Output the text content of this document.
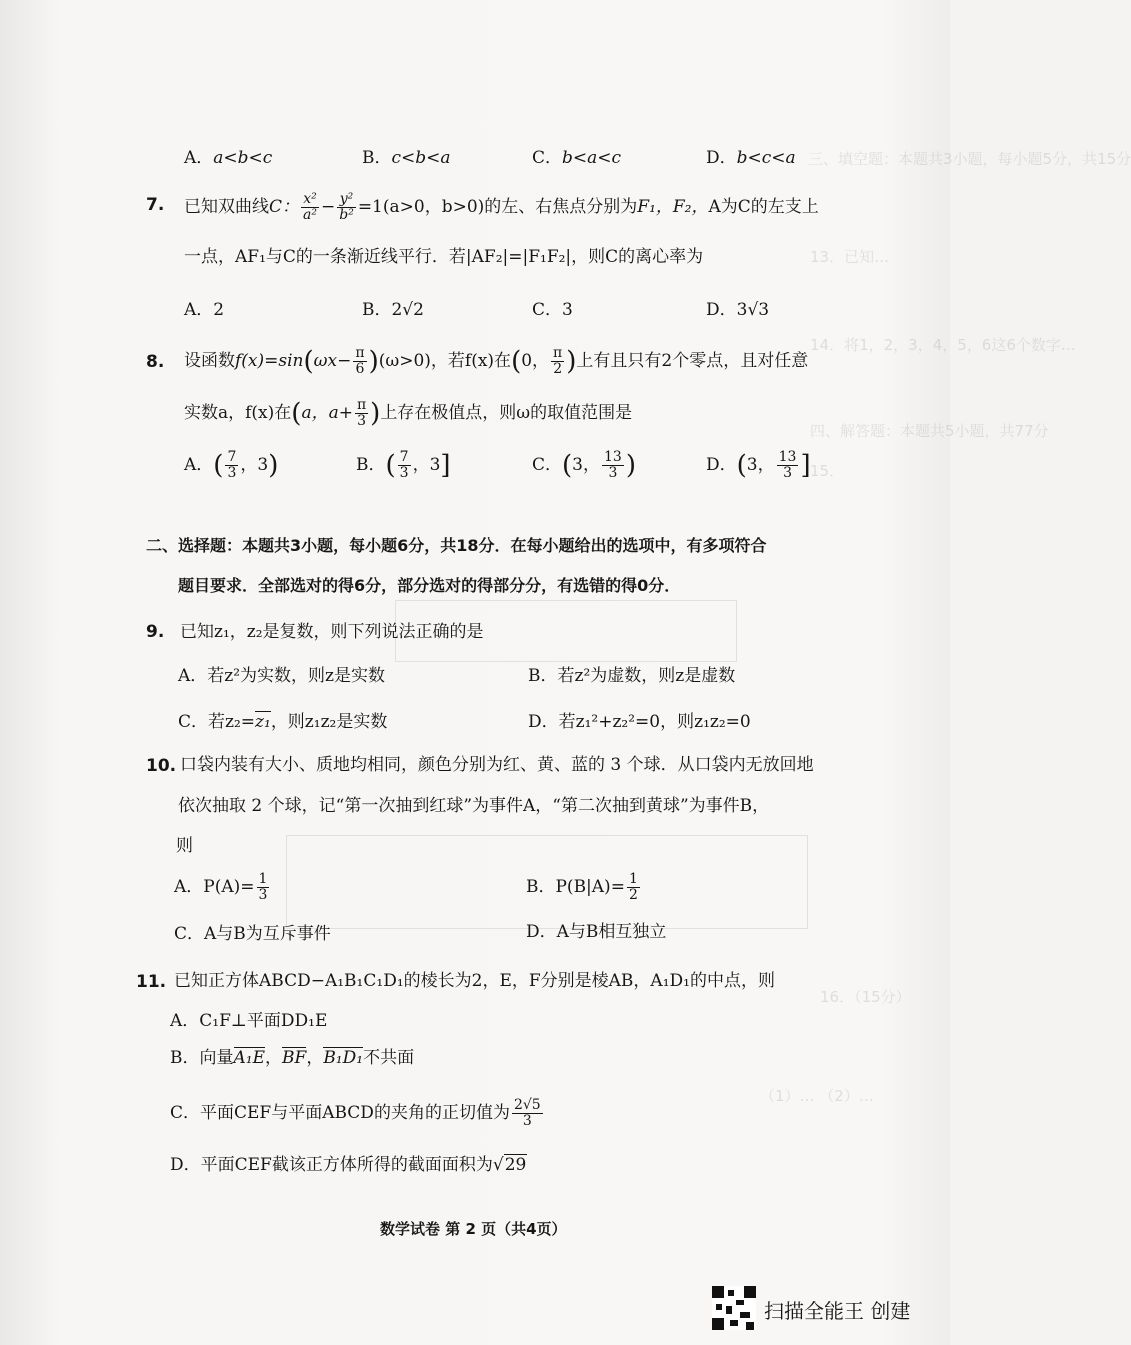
三、填空题：本题共3小题，每小题5分，共15分
13．已知…
14．将1，2，3，4，5，6这6个数字…
四、解答题：本题共5小题，共77分
15．
16．（15分）
（1）… （2）…
A．a<b<c	B．c<b<a	C．b<a<c	D．b<c<a
7. 已知双曲线C： $\frac{\text{x²}}{\text{a²}} - \frac{\text{y²}}{\text{b²}} =1(a>0$，b>0)的左、右焦点分别为F₁，F₂，A为C的左支上
一点，AF₁与C的一条渐近线平行．若|AF₂|=|F₁F₂|，则C的离心率为
A．2	B．2√2	C．3	D．3√3
8. 设函数$f(x)=\sin(\omega x- \frac{\pi}{6} )(\omega>0)$，若f(x)在(0， $\frac{\pi}{2}$ )上有且只有2个零点，且对任意
实数a，f(x)在(a，$a+ \frac{\pi}{3}$ )上存在极值点，则ω的取值范围是
A．( $\frac{7}{3}$ ，3)	B．( $\frac{7}{3}$ ，3]	C．(3， $\frac{13}{3}$ )	D．(3， $\frac{13}{3}$ ]
二、选择题：本题共3小题，每小题6分，共18分．在每小题给出的选项中，有多项符合
题目要求．全部选对的得6分，部分选对的得部分分，有选错的得0分．
9. 已知z₁，z₂是复数，则下列说法正确的是
A．若z²为实数，则z是实数	B．若z²为虚数，则z是虚数
C．若z₂=z₁，则z₁z₂是实数	D．若z₁²+z₂²=0，则z₁z₂=0
10. 口袋内装有大小、质地均相同，颜色分别为红、黄、蓝的 3 个球．从口袋内无放回地
依次抽取 2 个球，记“第一次抽到红球”为事件A，“第二次抽到黄球”为事件B，
则
A．$P(A)= \frac{1}{3}$	B．$P(B|A)= \frac{1}{2}$
C．A与B为互斥事件	D．A与B相互独立
11. 已知正方体ABCD−A₁B₁C₁D₁的棱长为2，E，F分别是棱AB，A₁D₁的中点，则
A．C₁F⊥平面DD₁E
B．向量A₁E，BF，B₁D₁不共面
C．平面CEF与平面ABCD的夹角的正切值为 $\frac{2√5}{3}$
D．平面CEF截该正方体所得的截面面积为√29
数学试卷 第 2 页（共4页）
扫描全能王 创建
